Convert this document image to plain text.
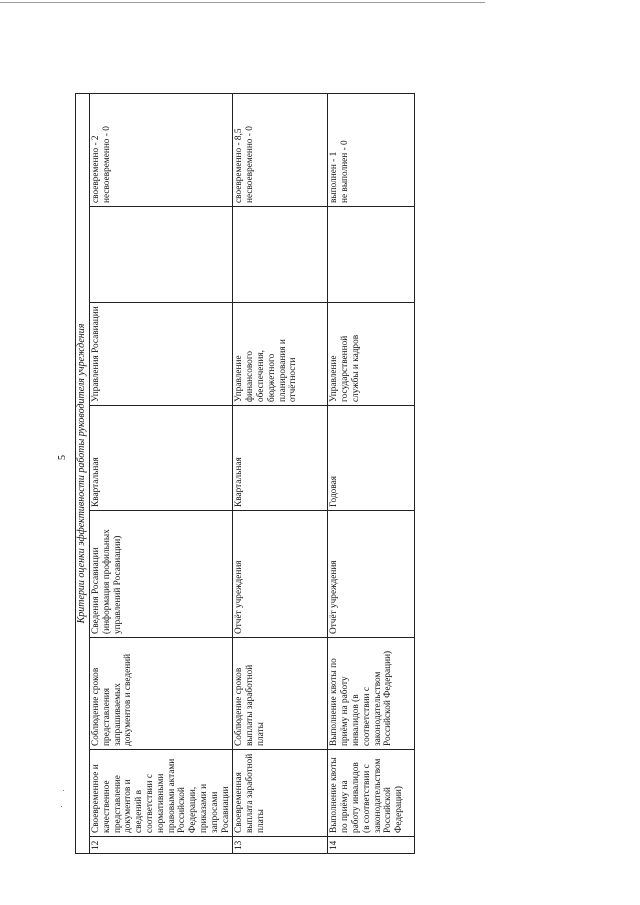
5 Критерии оценки эффективности работы руководителя учреждения							
12	Своевременное и качественное представление документов и сведений в соответствии с нормативными правовыми актами Российской Федерации, приказами и запросами Росавиации	Соблюдение сроков представления запрашиваемых документов и сведений	Сведения Росавиации (информация профильных управлений Росавиации)	Квартальная	Управления Росавиации		своевременно - 2
несвоевременно - 0
13	Своевременная выплата заработной платы	Соблюдение сроков выплаты заработной платы	Отчёт учреждения	Квартальная	Управление финансового обеспечения, бюджетного планирования и отчётности		своевременно - 8,5
несвоевременно - 0
14	Выполнение квоты по приёму на работу инвалидов (в соответствии с законодательством Российской Федерации)	Выполнение квоты по приёму на работу инвалидов (в соответствии с законодательством Российской Федерации)	Отчёт учреждения	Годовая	Управление государственной службы и кадров		выполнен - 1
не выполнен - 0
